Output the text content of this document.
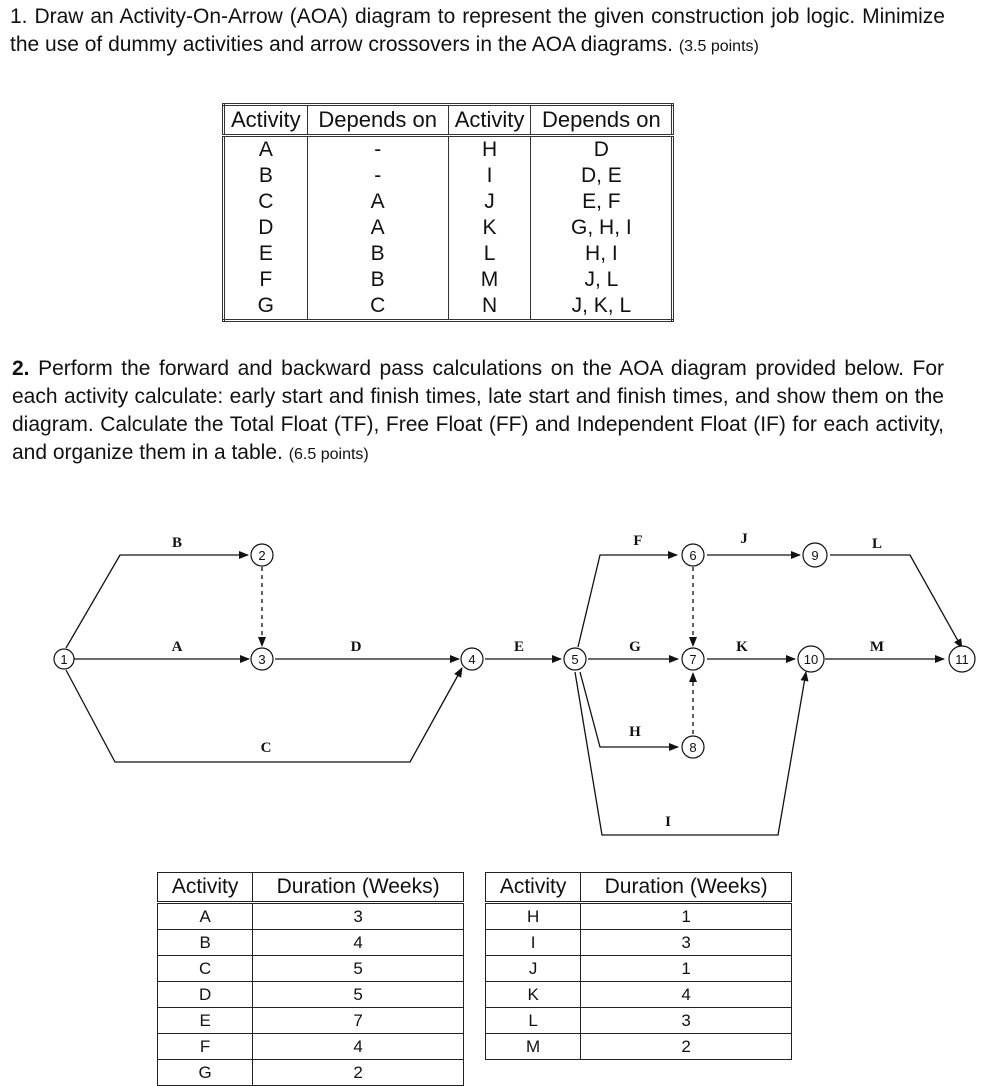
1. Draw an Activity-On-Arrow (AOA) diagram to represent the given construction job logic. Minimize the use of dummy activities and arrow crossovers in the AOA diagrams. (3.5 points)
Activity	Depends on	Activity	Depends on
A	-	H	D
B	-	I	D, E
C	A	J	E, F
D	A	K	G, H, I
E	B	L	H, I
F	B	M	J, L
G	C	N	J, K, L
2. Perform the forward and backward pass calculations on the AOA diagram provided below. For each activity calculate: early start and finish times, late start and finish times, and show them on the diagram. Calculate the Total Float (TF), Free Float (FF) and Independent Float (IF) for each activity, and organize them in a table. (6.5 points)
1
2
3	4	5
6
7
8
9
10	11
B
A
C
D	E
F
G
H
I
J
K
L
M
Activity	Duration (Weeks)
A	3
B	4
C	5
D	5
E	7
F	4
G	2
Activity	Duration (Weeks)
H	1
I	3
J	1
K	4
L	3
M	2
